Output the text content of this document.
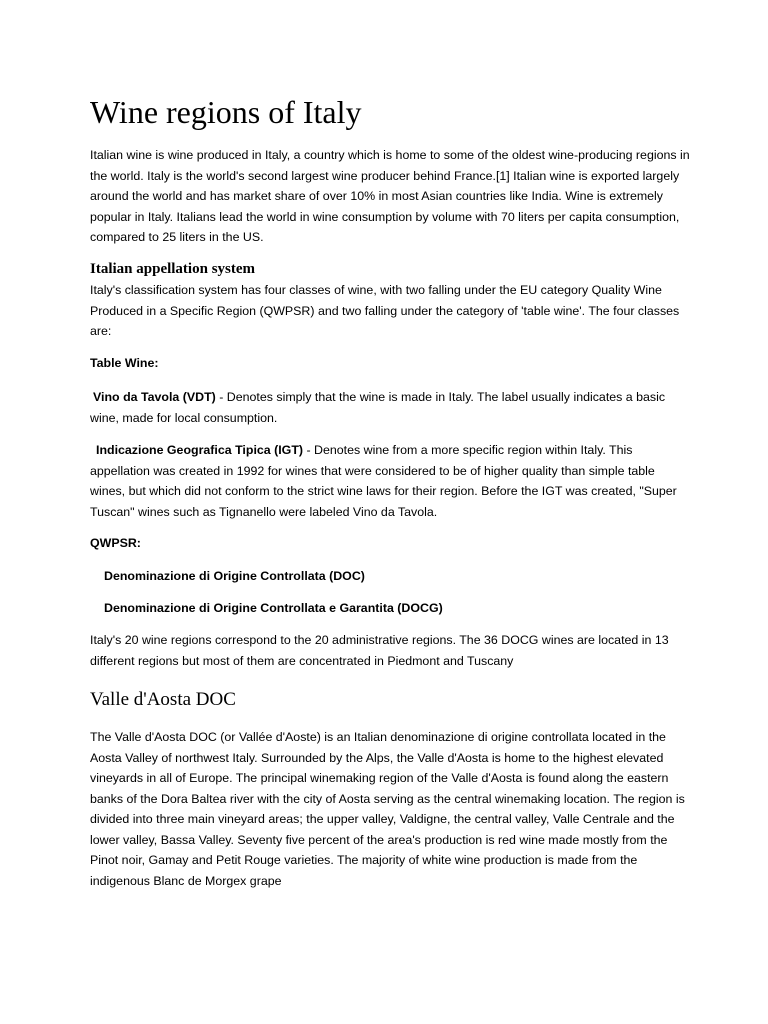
Wine regions of Italy

Italian wine is wine produced in Italy, a country which is home to some of the oldest wine-producing regions in the world. Italy is the world's second largest wine producer behind France.[1] Italian wine is exported largely around the world and has market share of over 10% in most Asian countries like India. Wine is extremely popular in Italy. Italians lead the world in wine consumption by volume with 70 liters per capita consumption, compared to 25 liters in the US.

Italian appellation system

Italy's classification system has four classes of wine, with two falling under the EU category Quality Wine Produced in a Specific Region (QWPSR) and two falling under the category of 'table wine'. The four classes are:

Table Wine:

Vino da Tavola (VDT) - Denotes simply that the wine is made in Italy. The label usually indicates a basic wine, made for local consumption.

Indicazione Geografica Tipica (IGT) - Denotes wine from a more specific region within Italy. This appellation was created in 1992 for wines that were considered to be of higher quality than simple table wines, but which did not conform to the strict wine laws for their region. Before the IGT was created, "Super Tuscan" wines such as Tignanello were labeled Vino da Tavola.

QWPSR:

Denominazione di Origine Controllata (DOC)

Denominazione di Origine Controllata e Garantita (DOCG)

Italy's 20 wine regions correspond to the 20 administrative regions. The 36 DOCG wines are located in 13 different regions but most of them are concentrated in Piedmont and Tuscany

Valle d'Aosta DOC

The Valle d'Aosta DOC (or Vallée d'Aoste) is an Italian denominazione di origine controllata located in the Aosta Valley of northwest Italy. Surrounded by the Alps, the Valle d'Aosta is home to the highest elevated vineyards in all of Europe. The principal winemaking region of the Valle d'Aosta is found along the eastern banks of the Dora Baltea river with the city of Aosta serving as the central winemaking location. The region is divided into three main vineyard areas; the upper valley, Valdigne, the central valley, Valle Centrale and the lower valley, Bassa Valley. Seventy five percent of the area's production is red wine made mostly from the Pinot noir, Gamay and Petit Rouge varieties. The majority of white wine production is made from the indigenous Blanc de Morgex grape
